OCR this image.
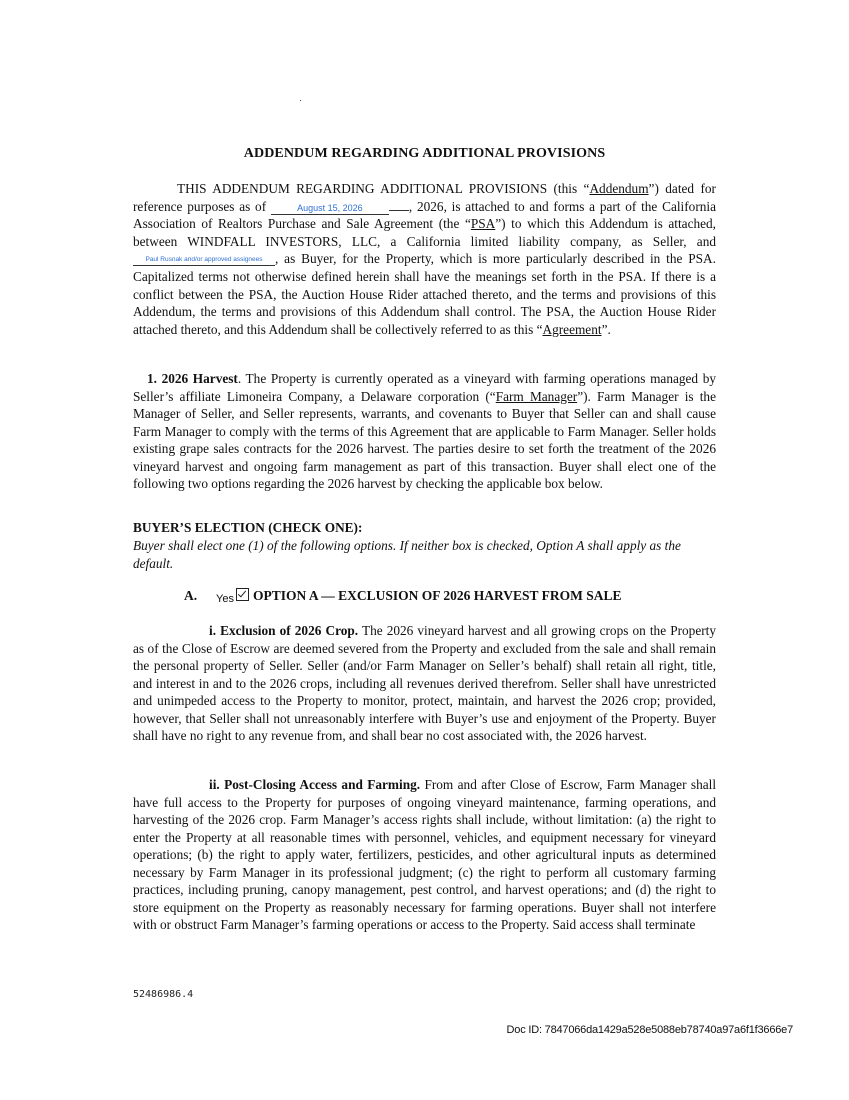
ADDENDUM REGARDING ADDITIONAL PROVISIONS
THIS ADDENDUM REGARDING ADDITIONAL PROVISIONS (this “Addendum”) dated for reference purposes as of	August 15, 2026	, 2026, is attached to and forms a part of the California Association of Realtors Purchase and Sale Agreement (the “PSA”) to which this Addendum is attached, between WINDFALL INVESTORS, LLC, a California limited liability company, as Seller, and Paul Rusnak and/or approved assignees , as Buyer, for the Property, which is more particularly described in the PSA. Capitalized terms not otherwise defined herein shall have the meanings set forth in the PSA. If there is a conflict between the PSA, the Auction House Rider attached thereto, and the terms and provisions of this Addendum, the terms and provisions of this Addendum shall control. The PSA, the Auction House Rider attached thereto, and this Addendum shall be collectively referred to as this “Agreement”.
1. 2026 Harvest. The Property is currently operated as a vineyard with farming operations managed by Seller’s affiliate Limoneira Company, a Delaware corporation (“Farm Manager”). Farm Manager is the Manager of Seller, and Seller represents, warrants, and covenants to Buyer that Seller can and shall cause Farm Manager to comply with the terms of this Agreement that are applicable to Farm Manager. Seller holds existing grape sales contracts for the 2026 harvest. The parties desire to set forth the treatment of the 2026 vineyard harvest and ongoing farm management as part of this transaction. Buyer shall elect one of the following two options regarding the 2026 harvest by checking the applicable box below.
BUYER’S ELECTION (CHECK ONE):
Buyer shall elect one (1) of the following options. If neither box is checked, Option A shall apply as the default.
A. Yes OPTION A — EXCLUSION OF 2026 HARVEST FROM SALE
i. Exclusion of 2026 Crop. The 2026 vineyard harvest and all growing crops on the Property as of the Close of Escrow are deemed severed from the Property and excluded from the sale and shall remain the personal property of Seller. Seller (and/or Farm Manager on Seller’s behalf) shall retain all right, title, and interest in and to the 2026 crops, including all revenues derived therefrom. Seller shall have unrestricted and unimpeded access to the Property to monitor, protect, maintain, and harvest the 2026 crop; provided, however, that Seller shall not unreasonably interfere with Buyer’s use and enjoyment of the Property. Buyer shall have no right to any revenue from, and shall bear no cost associated with, the 2026 harvest.
ii. Post-Closing Access and Farming. From and after Close of Escrow, Farm Manager shall have full access to the Property for purposes of ongoing vineyard maintenance, farming operations, and harvesting of the 2026 crop. Farm Manager’s access rights shall include, without limitation: (a) the right to enter the Property at all reasonable times with personnel, vehicles, and equipment necessary for vineyard operations; (b) the right to apply water, fertilizers, pesticides, and other agricultural inputs as determined necessary by Farm Manager in its professional judgment; (c) the right to perform all customary farming practices, including pruning, canopy management, pest control, and harvest operations; and (d) the right to store equipment on the Property as reasonably necessary for farming operations. Buyer shall not interfere with or obstruct Farm Manager’s farming operations or access to the Property. Said access shall terminate
52486986.4
Doc ID: 7847066da1429a528e5088eb78740a97a6f1f3666e7
